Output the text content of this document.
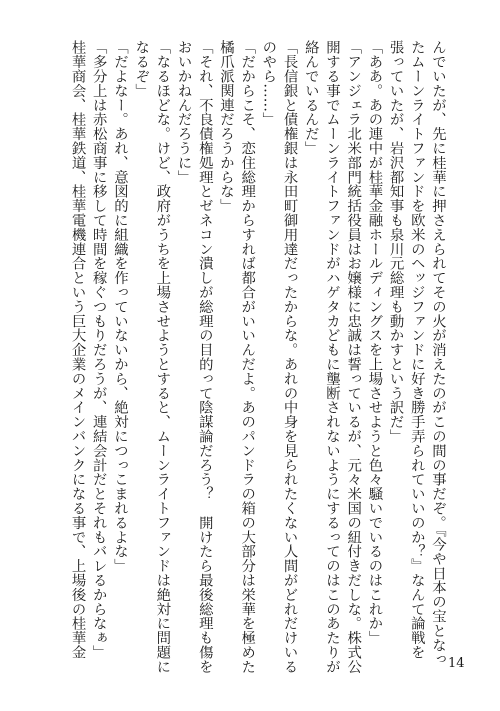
んでいたが、先に桂華に押さえられてその火が消えたのがこの間の事だぞ。『今や日本の宝となっ
たムーンライトファンドを欧米のヘッジファンドに好き勝手弄られていいのか？』なんて論戦を
張っていたが、岩沢都知事も泉川元総理も動かすという訳だ」
「ああ。あの連中が桂華金融ホールディングスを上場させようと色々騒いでいるのはこれか」
「アンジェラ北米部門統括役員はお嬢様に忠誠は誓っているが、元々米国の紐付きだしな。株式公
開する事でムーンライトファンドがハゲタカどもに壟断されないようにするってのはこのあたりが
絡んでいるんだ」
「長信銀と債権銀は永田町御用達だったからな。あれの中身を見られたくない人間がどれだけいる
のやら……」
「だからこそ、恋住総理からすれば都合がいいんだよ。あのパンドラの箱の大部分は栄華を極めた
橘爪派関連だろうからな」
「それ、不良債権処理とゼネコン潰しが総理の目的って陰謀論だろう？　開けたら最後総理も傷を
おいかねんだろうに」
「なるほどな。けど、政府がうちを上場させようとすると、ムーンライトファンドは絶対に問題に
なるぞ」
「だよなー。あれ、意図的に組織を作っていないから、絶対につっこまれるよな」
「多分上は赤松商事に移して時間を稼ぐつもりだろうが、連結会計だとそれもバレるからなぁ」
桂華商会、桂華鉄道、桂華電機連合という巨大企業のメインバンクになる事で、上場後の桂華金
14
